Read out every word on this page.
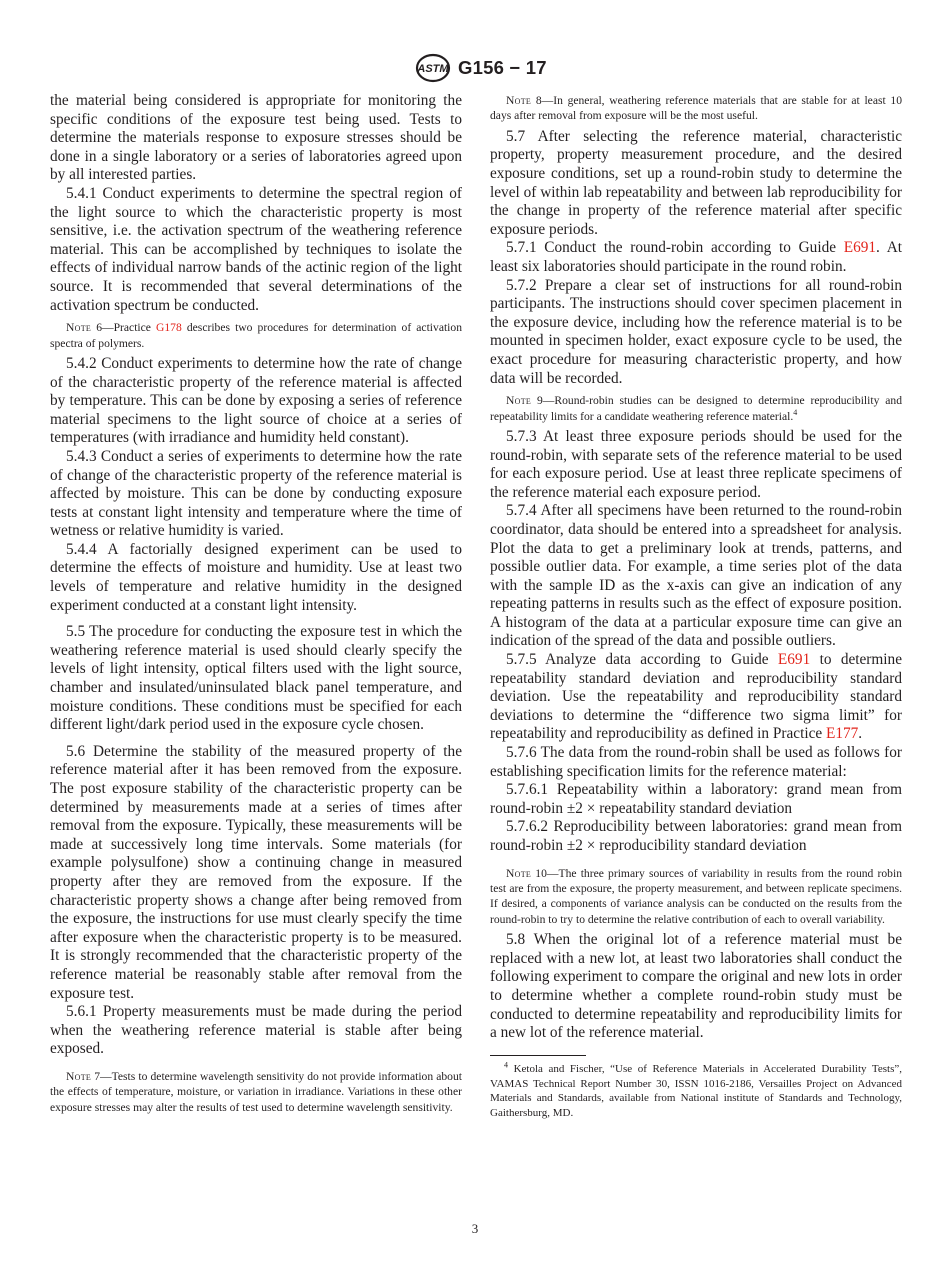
ASTM G156 − 17

the material being considered is appropriate for monitoring the specific conditions of the exposure test being used. Tests to determine the materials response to exposure stresses should be done in a single laboratory or a series of laboratories agreed upon by all interested parties.

5.4.1 Conduct experiments to determine the spectral region of the light source to which the characteristic property is most sensitive, i.e. the activation spectrum of the weathering reference material. This can be accomplished by techniques to isolate the effects of individual narrow bands of the actinic region of the light source. It is recommended that several determinations of the activation spectrum be conducted.

Note 6—Practice G178 describes two procedures for determination of activation spectra of polymers.

5.4.2 Conduct experiments to determine how the rate of change of the characteristic property of the reference material is affected by temperature. This can be done by exposing a series of reference material specimens to the light source of choice at a series of temperatures (with irradiance and humidity held constant).

5.4.3 Conduct a series of experiments to determine how the rate of change of the characteristic property of the reference material is affected by moisture. This can be done by conducting exposure tests at constant light intensity and temperature where the time of wetness or relative humidity is varied.

5.4.4 A factorially designed experiment can be used to determine the effects of moisture and humidity. Use at least two levels of temperature and relative humidity in the designed experiment conducted at a constant light intensity.

5.5 The procedure for conducting the exposure test in which the weathering reference material is used should clearly specify the levels of light intensity, optical filters used with the light source, chamber and insulated/uninsulated black panel temperature, and moisture conditions. These conditions must be specified for each different light/dark period used in the exposure cycle chosen.

5.6 Determine the stability of the measured property of the reference material after it has been removed from the exposure. The post exposure stability of the characteristic property can be determined by measurements made at a series of times after removal from the exposure. Typically, these measurements will be made at successively long time intervals. Some materials (for example polysulfone) show a continuing change in measured property after they are removed from the exposure. If the characteristic property shows a change after being removed from the exposure, the instructions for use must clearly specify the time after exposure when the characteristic property is to be measured. It is strongly recommended that the characteristic property of the reference material be reasonably stable after removal from the exposure test.

5.6.1 Property measurements must be made during the period when the weathering reference material is stable after being exposed.

Note 7—Tests to determine wavelength sensitivity do not provide information about the effects of temperature, moisture, or variation in irradiance. Variations in these other exposure stresses may alter the results of test used to determine wavelength sensitivity.

Note 8—In general, weathering reference materials that are stable for at least 10 days after removal from exposure will be the most useful.

5.7 After selecting the reference material, characteristic property, property measurement procedure, and the desired exposure conditions, set up a round-robin study to determine the level of within lab repeatability and between lab reproducibility for the change in property of the reference material after specific exposure periods.

5.7.1 Conduct the round-robin according to Guide E691. At least six laboratories should participate in the round robin.

5.7.2 Prepare a clear set of instructions for all round-robin participants. The instructions should cover specimen placement in the exposure device, including how the reference material is to be mounted in specimen holder, exact exposure cycle to be used, the exact procedure for measuring characteristic property, and how data will be recorded.

Note 9—Round-robin studies can be designed to determine reproducibility and repeatability limits for a candidate weathering reference material.$^4$

5.7.3 At least three exposure periods should be used for the round-robin, with separate sets of the reference material to be used for each exposure period. Use at least three replicate specimens of the reference material each exposure period.

5.7.4 After all specimens have been returned to the round-robin coordinator, data should be entered into a spreadsheet for analysis. Plot the data to get a preliminary look at trends, patterns, and possible outlier data. For example, a time series plot of the data with the sample ID as the x-axis can give an indication of any repeating patterns in results such as the effect of exposure position. A histogram of the data at a particular exposure time can give an indication of the spread of the data and possible outliers.

5.7.5 Analyze data according to Guide E691 to determine repeatability standard deviation and reproducibility standard deviation. Use the repeatability and reproducibility standard deviations to determine the “difference two sigma limit” for repeatability and reproducibility as defined in Practice E177.

5.7.6 The data from the round-robin shall be used as follows for establishing specification limits for the reference material:

5.7.6.1 Repeatability within a laboratory: grand mean from round-robin ±2 × repeatability standard deviation

5.7.6.2 Reproducibility between laboratories: grand mean from round-robin ±2 × reproducibility standard deviation

Note 10—The three primary sources of variability in results from the round robin test are from the exposure, the property measurement, and between replicate specimens. If desired, a components of variance analysis can be conducted on the results from the round-robin to try to determine the relative contribution of each to overall variability.

5.8 When the original lot of a reference material must be replaced with a new lot, at least two laboratories shall conduct the following experiment to compare the original and new lots in order to determine whether a complete round-robin study must be conducted to determine repeatability and reproducibility limits for a new lot of the reference material.

$^4$ Ketola and Fischer, “Use of Reference Materials in Accelerated Durability Tests”, VAMAS Technical Report Number 30, ISSN 1016-2186, Versailles Project on Advanced Materials and Standards, available from National institute of Standards and Technology, Gaithersburg, MD.

3
